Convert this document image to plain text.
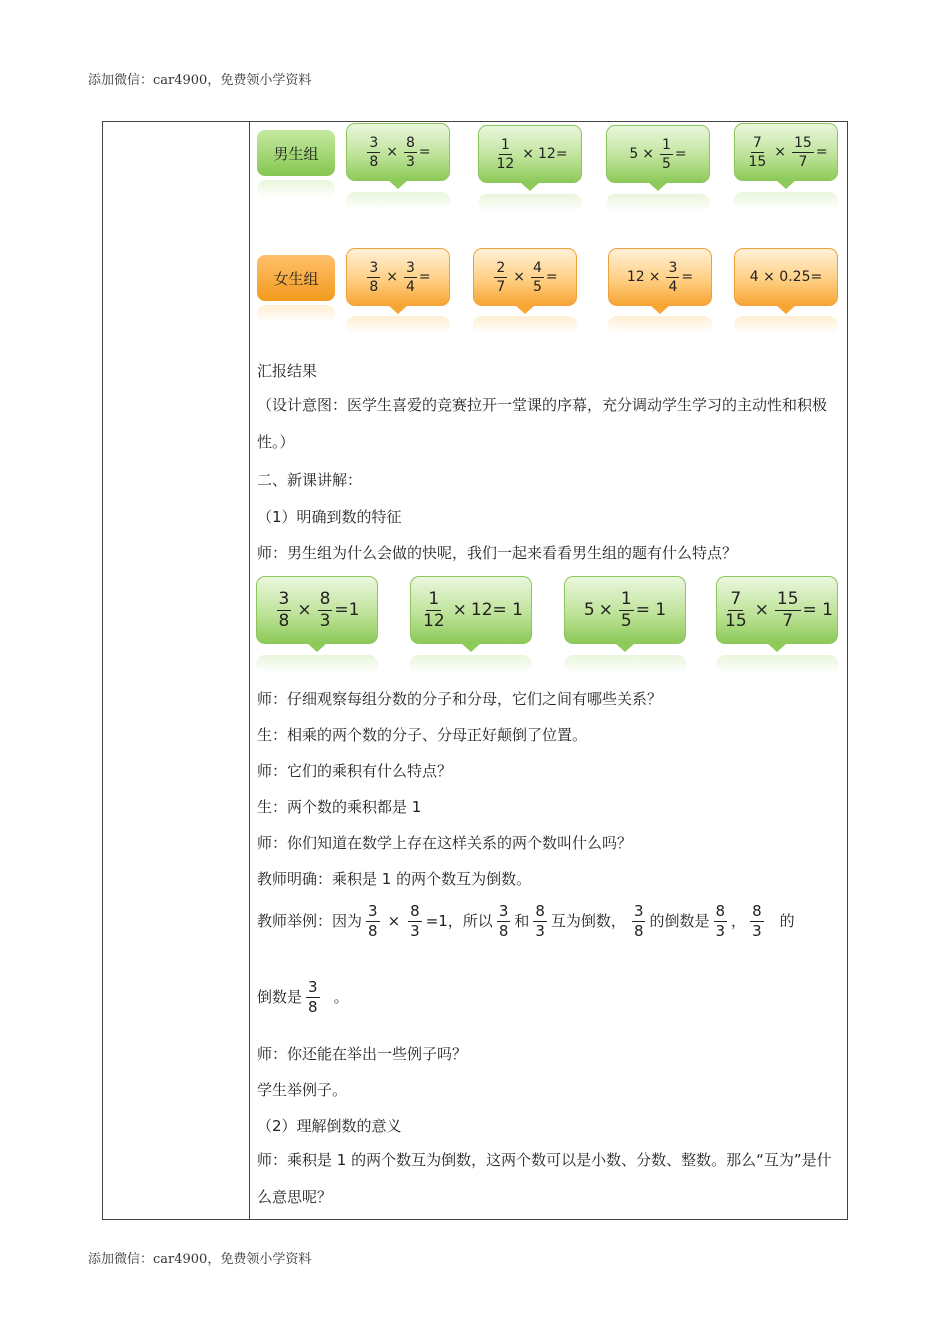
添加微信：car4900，免费领小学资料
男生组	$\frac{3}{8} \times \frac{8}{3}$ =	$\frac{1}{12} \times 12=$	$5 \times \frac{1}{5}$ =	$\frac{7}{15} \times \frac{15}{7}$ =
女生组	$\frac{3}{8} \times \frac{3}{4}$ =	$\frac{2}{7} \times \frac{4}{5}$ =	$12 \times \frac{3}{4}$ =	4 × 0.25=
汇报结果
（设计意图：医学生喜爱的竞赛拉开一堂课的序幕，充分调动学生学习的主动性和积极性。）
二、新课讲解：
（1）明确到数的特征
师：男生组为什么会做的快呢，我们一起来看看男生组的题有什么特点？
$\frac{3}{8} \times \frac{8}{3} =1$	$\frac{1}{12} \times 12= 1$	$5 \times \frac{1}{5} = 1$	$\frac{7}{15} \times \frac{15}{7} = 1$
师：仔细观察每组分数的分子和分母，它们之间有哪些关系？
生：相乘的两个数的分子、分母正好颠倒了位置。
师：它们的乘积有什么特点？
生：两个数的乘积都是 1
师：你们知道在数学上存在这样关系的两个数叫什么吗？
教师明确：乘积是 1 的两个数互为倒数。
教师举例：因为 $\frac{3}{8} \times \frac{8}{3} =1$，所以 $\frac{3}{8}$ 和 $\frac{8}{3}$ 互为倒数， $\frac{3}{8}$ 的倒数是 $\frac{8}{3}$ ， $\frac{8}{3}$ 的
倒数是 $\frac{3}{8}$ 。
师：你还能在举出一些例子吗？
学生举例子。
（2）理解倒数的意义
师：乘积是 1 的两个数互为倒数，这两个数可以是小数、分数、整数。那么“互为”是什么意思呢？
添加微信：car4900，免费领小学资料
